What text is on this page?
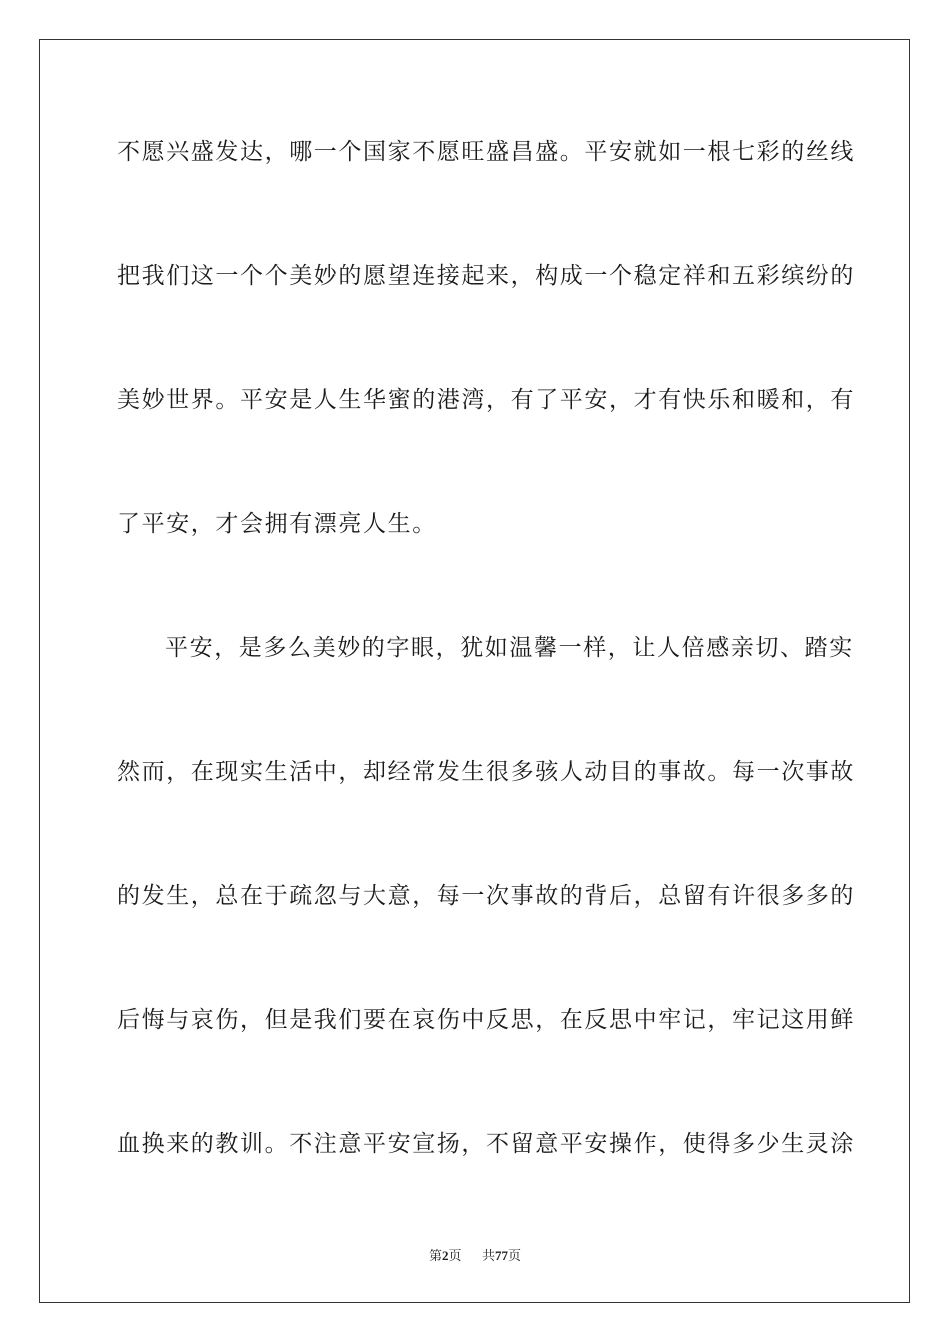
不愿兴盛发达，哪一个国家不愿旺盛昌盛。平安就如一根七彩的丝线
把我们这一个个美妙的愿望连接起来，构成一个稳定祥和五彩缤纷的
美妙世界。平安是人生华蜜的港湾，有了平安，才有快乐和暖和，有
了平安，才会拥有漂亮人生。
平安，是多么美妙的字眼，犹如温馨一样，让人倍感亲切、踏实
然而，在现实生活中，却经常发生很多骇人动目的事故。每一次事故
的发生，总在于疏忽与大意，每一次事故的背后，总留有许很多多的
后悔与哀伤，但是我们要在哀伤中反思，在反思中牢记，牢记这用鲜
血换来的教训。不注意平安宣扬，不留意平安操作，使得多少生灵涂
第2页 共77页
